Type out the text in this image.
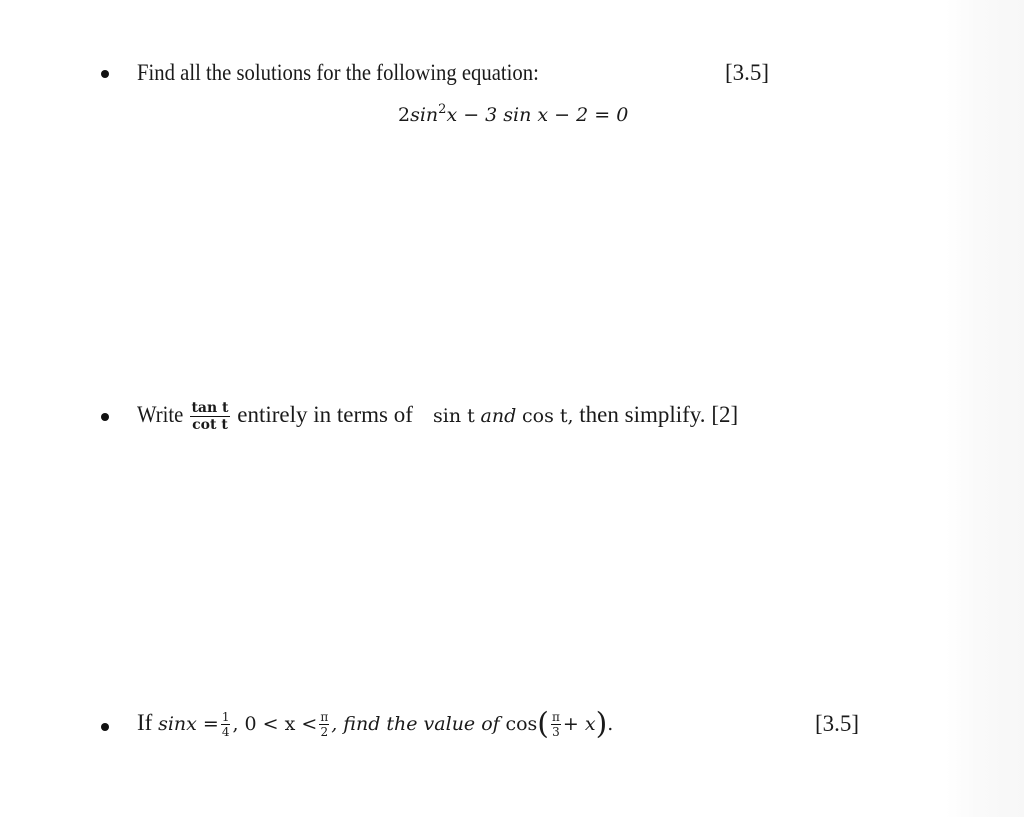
Find all the solutions for the following equation:	[3.5]
$2\sin^2x - 3$ sin x − 2 = 0
Write $\frac{\text{tan t}}{\text{cot t}}$ entirely in terms of sin t and cos t, then simplify. [2]
If $\sin x = \frac{1}{4}$ , $0 < x < \frac{\pi}{2}$ , find the value of $\cos( \frac{\pi}{3} + x)$.	[3.5]
